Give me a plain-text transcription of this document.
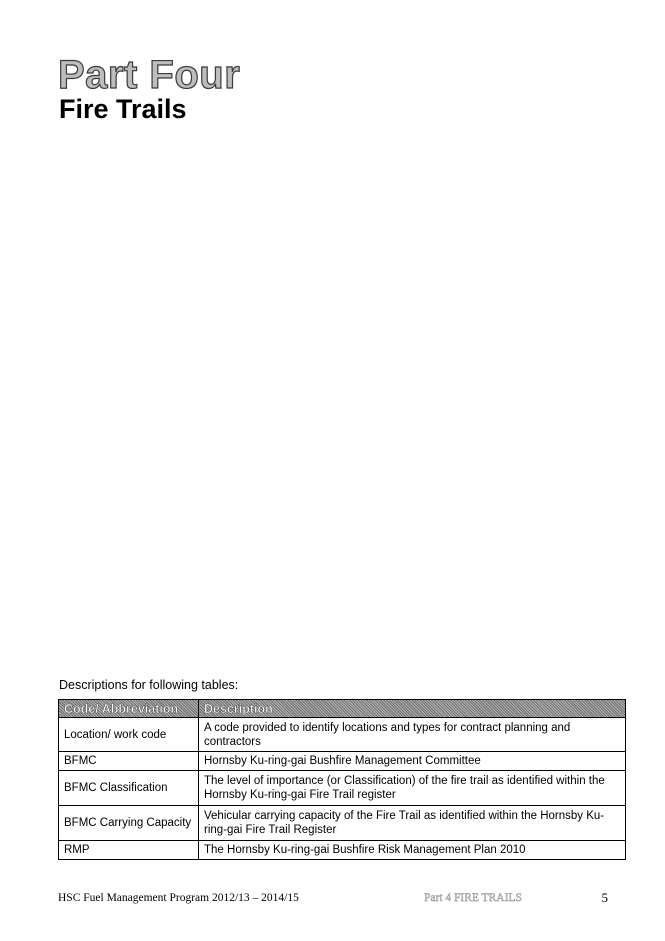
Part Four
Fire Trails
Descriptions for following tables:
Code/ Abbreviation	Description
Location/ work code	A code provided to identify locations and types for contract planning and contractors
BFMC	Hornsby Ku-ring-gai Bushfire Management Committee
BFMC Classification	The level of importance (or Classification) of the fire trail as identified within the Hornsby Ku-ring-gai Fire Trail register
BFMC Carrying Capacity	Vehicular carrying capacity of the Fire Trail as identified within the Hornsby Ku-ring-gai Fire Trail Register
RMP	The Hornsby Ku-ring-gai Bushfire Risk Management Plan 2010
HSC Fuel Management Program 2012/13 – 2014/15	Part 4 FIRE TRAILS	5
